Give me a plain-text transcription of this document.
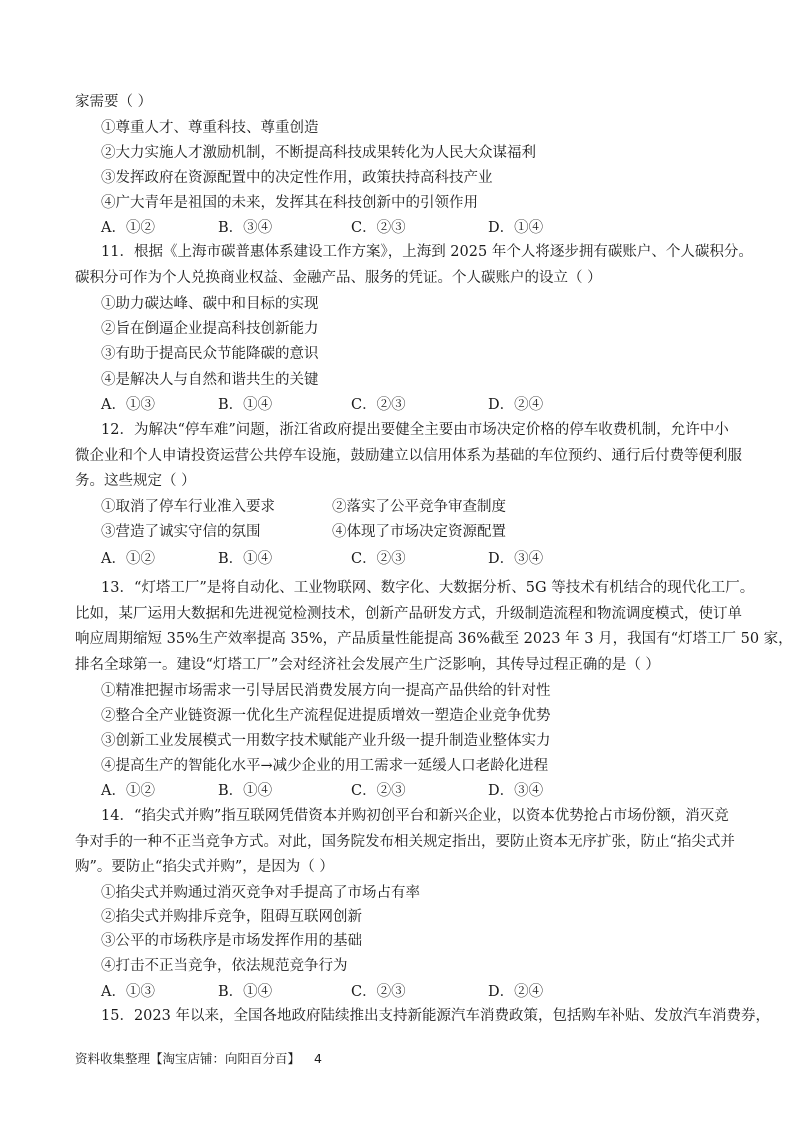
家需要（ ）
①尊重人才、尊重科技、尊重创造
②大力实施人才激励机制，不断提高科技成果转化为人民大众谋福利
③发挥政府在资源配置中的决定性作用，政策扶持高科技产业
④广大青年是祖国的未来，发挥其在科技创新中的引领作用
A．①②	B．③④	C．②③	D．①④
11．根据《上海市碳普惠体系建设工作方案》，上海到 2025 年个人将逐步拥有碳账户、个人碳积分。
碳积分可作为个人兑换商业权益、金融产品、服务的凭证。个人碳账户的设立（ ）
①助力碳达峰、碳中和目标的实现
②旨在倒逼企业提高科技创新能力
③有助于提高民众节能降碳的意识
④是解决人与自然和谐共生的关键
A．①③	B．①④	C．②③	D．②④
12．为解决“停车难”问题，浙江省政府提出要健全主要由市场决定价格的停车收费机制，允许中小
微企业和个人申请投资运营公共停车设施，鼓励建立以信用体系为基础的车位预约、通行后付费等便利服
务。这些规定（ ）
①取消了停车行业准入要求	②落实了公平竞争审查制度
③营造了诚实守信的氛围	④体现了市场决定资源配置
A．①②	B．①④	C．②③	D．③④
13．“灯塔工厂”是将自动化、工业物联网、数字化、大数据分析、5G 等技术有机结合的现代化工厂。
比如，某厂运用大数据和先进视觉检测技术，创新产品研发方式，升级制造流程和物流调度模式，使订单
响应周期缩短 35%生产效率提高 35%，产品质量性能提高 36%截至 2023 年 3 月，我国有“灯塔工厂 50 家，
排名全球第一。建设“灯塔工厂”会对经济社会发展产生广泛影响，其传导过程正确的是（ ）
①精准把握市场需求一引导居民消费发展方向一提高产品供给的针对性
②整合全产业链资源一优化生产流程促进提质增效一塑造企业竞争优势
③创新工业发展模式一用数字技术赋能产业升级一提升制造业整体实力
④提高生产的智能化水平→减少企业的用工需求一延缓人口老龄化进程
A．①②	B．①④	C．②③	D．③④
14．“掐尖式并购”指互联网凭借资本并购初创平台和新兴企业，以资本优势抢占市场份额，消灭竞
争对手的一种不正当竞争方式。对此，国务院发布相关规定指出，要防止资本无序扩张，防止“掐尖式并
购”。要防止“掐尖式并购”，是因为（ ）
①掐尖式并购通过消灭竞争对手提高了市场占有率
②掐尖式并购排斥竞争，阻碍互联网创新
③公平的市场秩序是市场发挥作用的基础
④打击不正当竞争，依法规范竞争行为
A．①③	B．①④	C．②③	D．②④
15．2023 年以来，全国各地政府陆续推出支持新能源汽车消费政策，包括购车补贴、发放汽车消费券，
资料收集整理【淘宝店铺：向阳百分百】 4
